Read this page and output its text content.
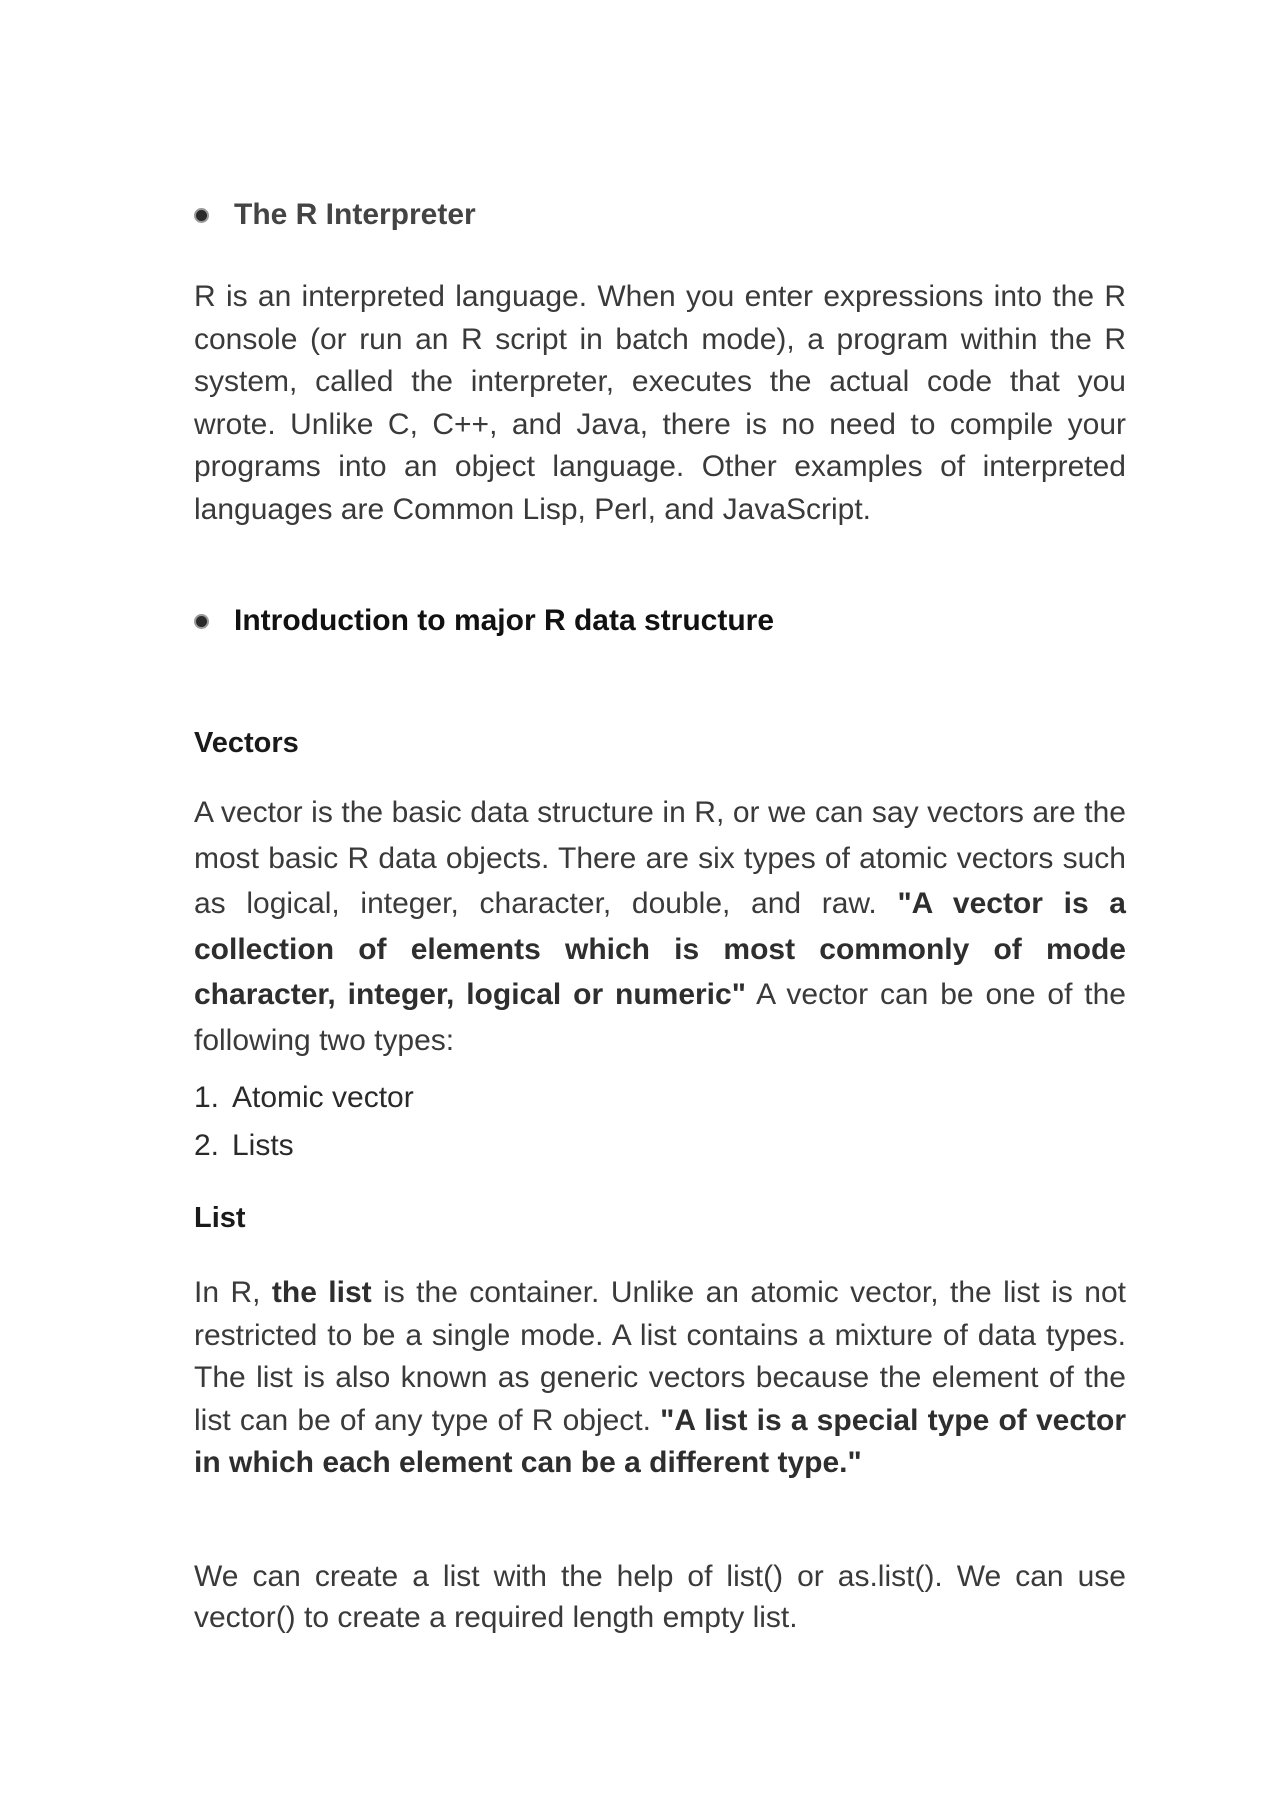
The R Interpreter

R is an interpreted language. When you enter expressions into the R console (or run an R script in batch mode), a program within the R system, called the interpreter, executes the actual code that you wrote. Unlike C, C++, and Java, there is no need to compile your programs into an object language. Other examples of interpreted languages are Common Lisp, Perl, and JavaScript.

Introduction to major R data structure
Vectors

A vector is the basic data structure in R, or we can say vectors are the most basic R data objects. There are six types of atomic vectors such as logical, integer, character, double, and raw. "A vector is a collection of elements which is most commonly of mode character, integer, logical or numeric" A vector can be one of the following two types:

1. Atomic vector
2. Lists
List

In R, the list is the container. Unlike an atomic vector, the list is not restricted to be a single mode. A list contains a mixture of data types. The list is also known as generic vectors because the element of the list can be of any type of R object. "A list is a special type of vector in which each element can be a different type."

We can create a list with the help of list() or as.list(). We can use vector() to create a required length empty list.
